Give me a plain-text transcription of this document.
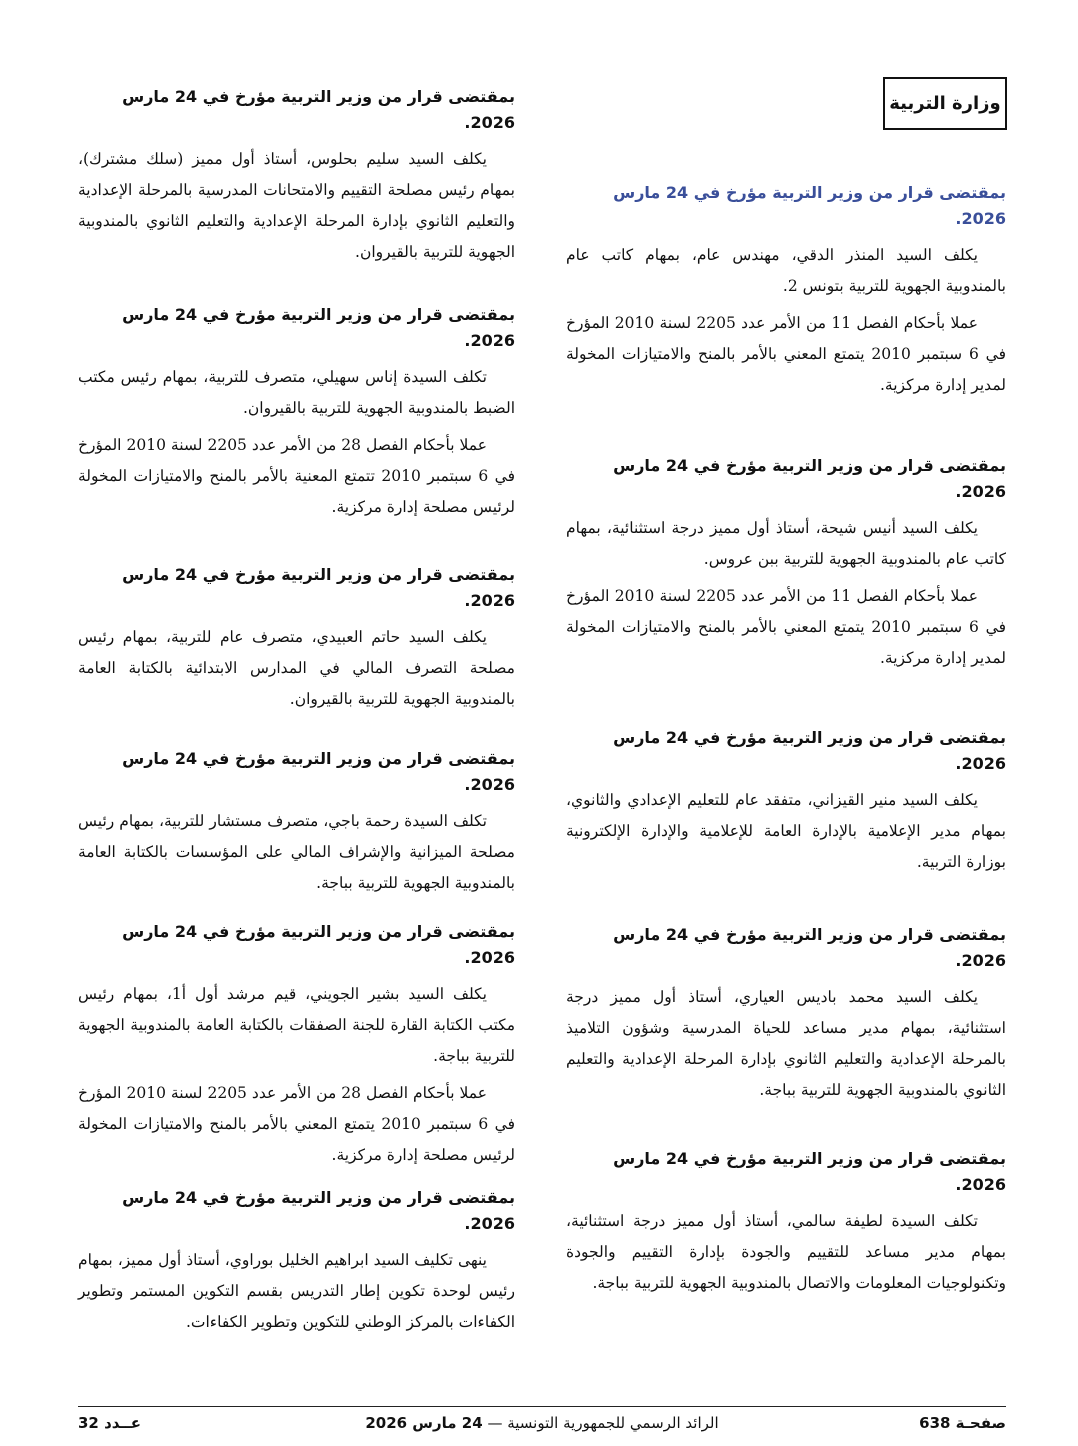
وزارة التربية
بمقتضى قرار من وزير التربية مؤرخ في 24 مارس 2026.

يكلف السيد المنذر الدقي، مهندس عام، بمهام كاتب عام بالمندوبية الجهوية للتربية بتونس 2.

عملا بأحكام الفصل 11 من الأمر عدد 2205 لسنة 2010 المؤرخ في 6 سبتمبر 2010 يتمتع المعني بالأمر بالمنح والامتيازات المخولة لمدير إدارة مركزية.

بمقتضى قرار من وزير التربية مؤرخ في 24 مارس 2026.

يكلف السيد أنيس شيحة، أستاذ أول مميز درجة استثنائية، بمهام كاتب عام بالمندوبية الجهوية للتربية ببن عروس.

عملا بأحكام الفصل 11 من الأمر عدد 2205 لسنة 2010 المؤرخ في 6 سبتمبر 2010 يتمتع المعني بالأمر بالمنح والامتيازات المخولة لمدير إدارة مركزية.

بمقتضى قرار من وزير التربية مؤرخ في 24 مارس 2026.

يكلف السيد منير القيزاني، متفقد عام للتعليم الإعدادي والثانوي، بمهام مدير الإعلامية بالإدارة العامة للإعلامية والإدارة الإلكترونية بوزارة التربية.

بمقتضى قرار من وزير التربية مؤرخ في 24 مارس 2026.

يكلف السيد محمد باديس العياري، أستاذ أول مميز درجة استثنائية، بمهام مدير مساعد للحياة المدرسية وشؤون التلاميذ بالمرحلة الإعدادية والتعليم الثانوي بإدارة المرحلة الإعدادية والتعليم الثانوي بالمندوبية الجهوية للتربية بباجة.

بمقتضى قرار من وزير التربية مؤرخ في 24 مارس 2026.

تكلف السيدة لطيفة سالمي، أستاذ أول مميز درجة استثنائية، بمهام مدير مساعد للتقييم والجودة بإدارة التقييم والجودة وتكنولوجيات المعلومات والاتصال بالمندوبية الجهوية للتربية بباجة.

بمقتضى قرار من وزير التربية مؤرخ في 24 مارس 2026.

يكلف السيد سليم بحلوس، أستاذ أول مميز (سلك مشترك)، بمهام رئيس مصلحة التقييم والامتحانات المدرسية بالمرحلة الإعدادية والتعليم الثانوي بإدارة المرحلة الإعدادية والتعليم الثانوي بالمندوبية الجهوية للتربية بالقيروان.

بمقتضى قرار من وزير التربية مؤرخ في 24 مارس 2026.

تكلف السيدة إناس سهيلي، متصرف للتربية، بمهام رئيس مكتب الضبط بالمندوبية الجهوية للتربية بالقيروان.

عملا بأحكام الفصل 28 من الأمر عدد 2205 لسنة 2010 المؤرخ في 6 سبتمبر 2010 تتمتع المعنية بالأمر بالمنح والامتيازات المخولة لرئيس مصلحة إدارة مركزية.

بمقتضى قرار من وزير التربية مؤرخ في 24 مارس 2026.

يكلف السيد حاتم العبيدي، متصرف عام للتربية، بمهام رئيس مصلحة التصرف المالي في المدارس الابتدائية بالكتابة العامة بالمندوبية الجهوية للتربية بالقيروان.

بمقتضى قرار من وزير التربية مؤرخ في 24 مارس 2026.

تكلف السيدة رحمة باجي، متصرف مستشار للتربية، بمهام رئيس مصلحة الميزانية والإشراف المالي على المؤسسات بالكتابة العامة بالمندوبية الجهوية للتربية بباجة.

بمقتضى قرار من وزير التربية مؤرخ في 24 مارس 2026.

يكلف السيد بشير الجويني، قيم مرشد أول أ1، بمهام رئيس مكتب الكتابة القارة للجنة الصفقات بالكتابة العامة بالمندوبية الجهوية للتربية بباجة.

عملا بأحكام الفصل 28 من الأمر عدد 2205 لسنة 2010 المؤرخ في 6 سبتمبر 2010 يتمتع المعني بالأمر بالمنح والامتيازات المخولة لرئيس مصلحة إدارة مركزية.

بمقتضى قرار من وزير التربية مؤرخ في 24 مارس 2026.

ينهى تكليف السيد ابراهيم الخليل بوراوي، أستاذ أول مميز، بمهام رئيس لوحدة تكوين إطار التدريس بقسم التكوين المستمر وتطوير الكفاءات بالمركز الوطني للتكوين وتطوير الكفاءات.

صفحـة 638
الرائد الرسمي للجمهورية التونسية — 24 مارس 2026
عــدد 32
